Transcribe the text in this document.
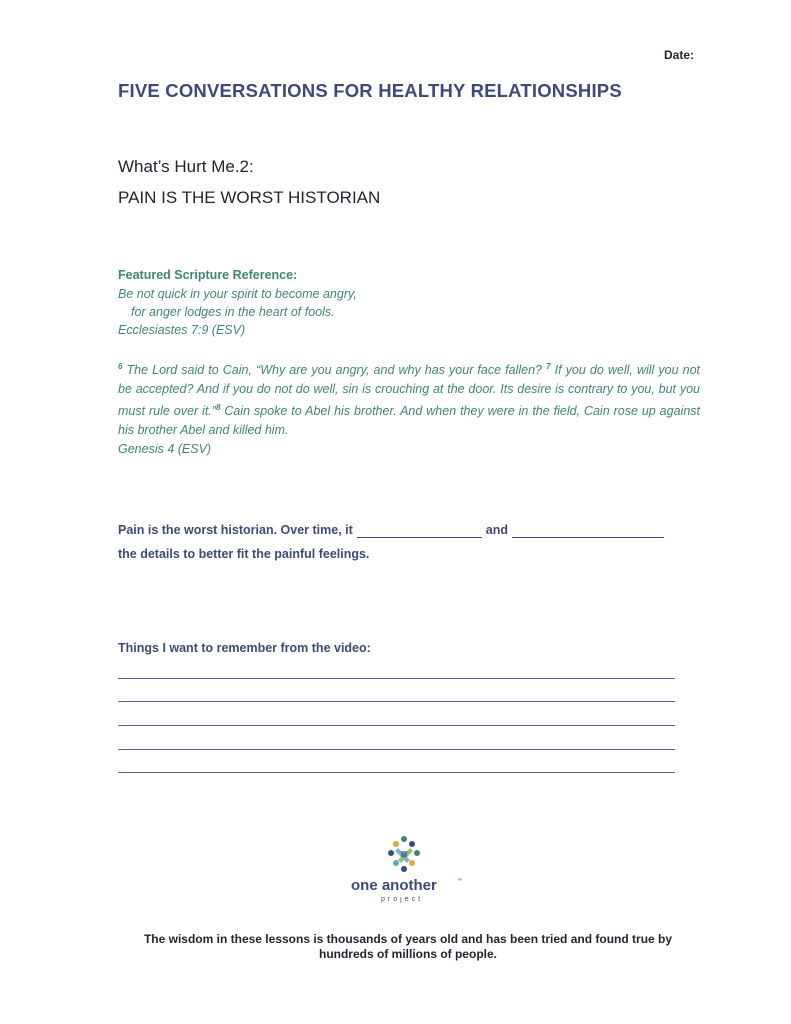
Date:
FIVE CONVERSATIONS FOR HEALTHY RELATIONSHIPS
What’s Hurt Me.2:
PAIN IS THE WORST HISTORIAN
Featured Scripture Reference:
Be not quick in your spirit to become angry,
for anger lodges in the heart of fools.
Ecclesiastes 7:9 (ESV)
$^6$ The Lord said to Cain, “Why are you angry, and why has your face fallen? $^7$ If you do well, will you not be accepted? And if you do not do well, sin is crouching at the door. Its desire is contrary to you, but you must rule over it.”$^8$ Cain spoke to Abel his brother. And when they were in the field, Cain rose up against his brother Abel and killed him.
Genesis 4 (ESV)
Pain is the worst historian. Over time, it	and
the details to better fit the painful feelings.
Things I want to remember from the video:
one another	™
project
The wisdom in these lessons is thousands of years old and has been tried and found true by hundreds of millions of people.
